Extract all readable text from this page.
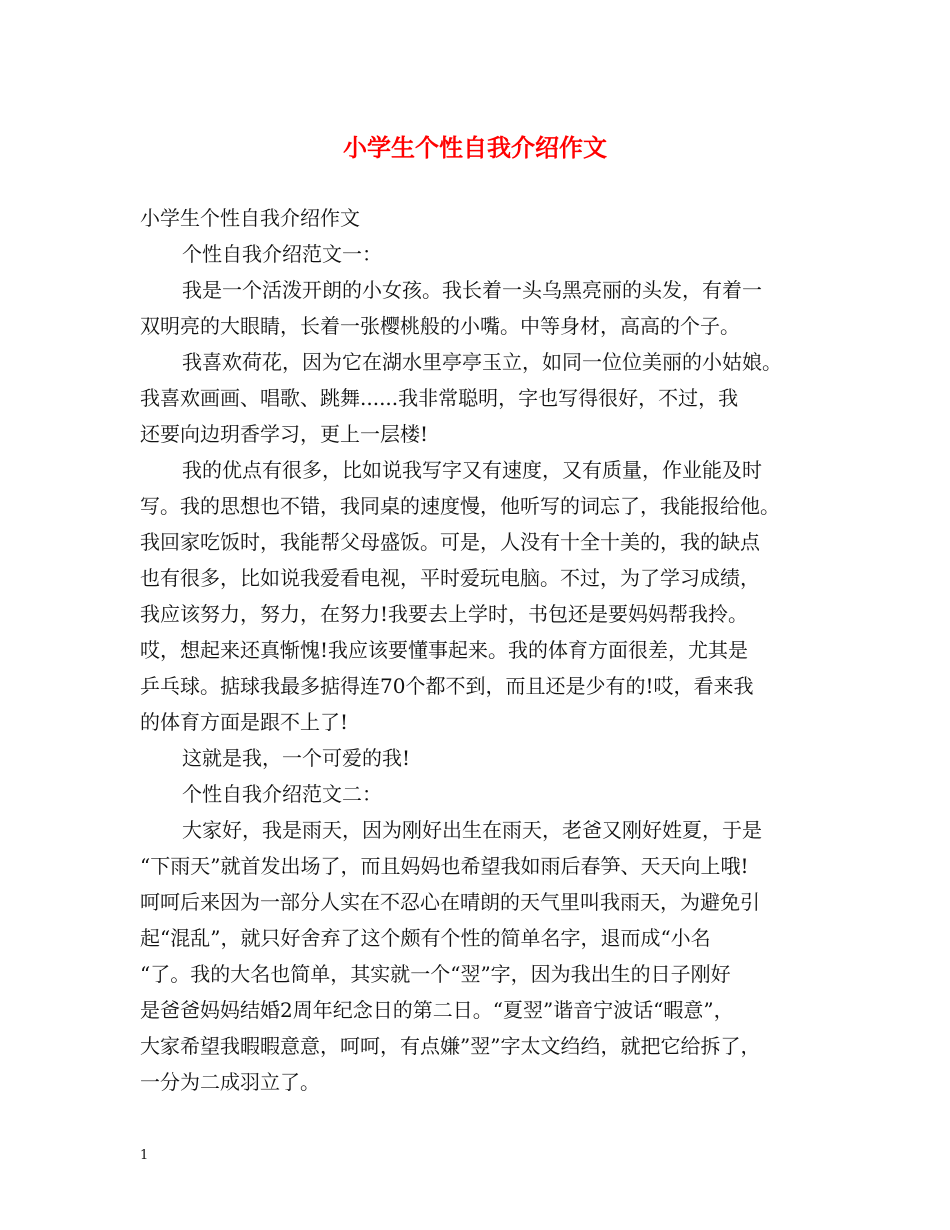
小学生个性自我介绍作文
小学生个性自我介绍作文
个性自我介绍范文一：
我是一个活泼开朗的小女孩。我长着一头乌黑亮丽的头发，有着一
双明亮的大眼睛，长着一张樱桃般的小嘴。中等身材，高高的个子。
我喜欢荷花，因为它在湖水里亭亭玉立，如同一位位美丽的小姑娘。
我喜欢画画、唱歌、跳舞......我非常聪明，字也写得很好，不过，我
还要向边玥香学习，更上一层楼!
我的优点有很多，比如说我写字又有速度，又有质量，作业能及时
写。我的思想也不错，我同桌的速度慢，他听写的词忘了，我能报给他。
我回家吃饭时，我能帮父母盛饭。可是，人没有十全十美的，我的缺点
也有很多，比如说我爱看电视，平时爱玩电脑。不过，为了学习成绩，
我应该努力，努力，在努力!我要去上学时，书包还是要妈妈帮我拎。
哎，想起来还真惭愧!我应该要懂事起来。我的体育方面很差，尤其是
乒乓球。掂球我最多掂得连70个都不到，而且还是少有的!哎，看来我
的体育方面是跟不上了!
这就是我，一个可爱的我!
个性自我介绍范文二：
大家好，我是雨天，因为刚好出生在雨天，老爸又刚好姓夏，于是
“下雨天”就首发出场了，而且妈妈也希望我如雨后春笋、天天向上哦!
呵呵后来因为一部分人实在不忍心在晴朗的天气里叫我雨天，为避免引
起“混乱”，就只好舍弃了这个颇有个性的简单名字，退而成“小名
“了。我的大名也简单，其实就一个“翌”字，因为我出生的日子刚好
是爸爸妈妈结婚2周年纪念日的第二日。“夏翌”谐音宁波话“暇意”，
大家希望我暇暇意意，呵呵，有点嫌”翌”字太文绉绉，就把它给拆了，
一分为二成羽立了。
1
